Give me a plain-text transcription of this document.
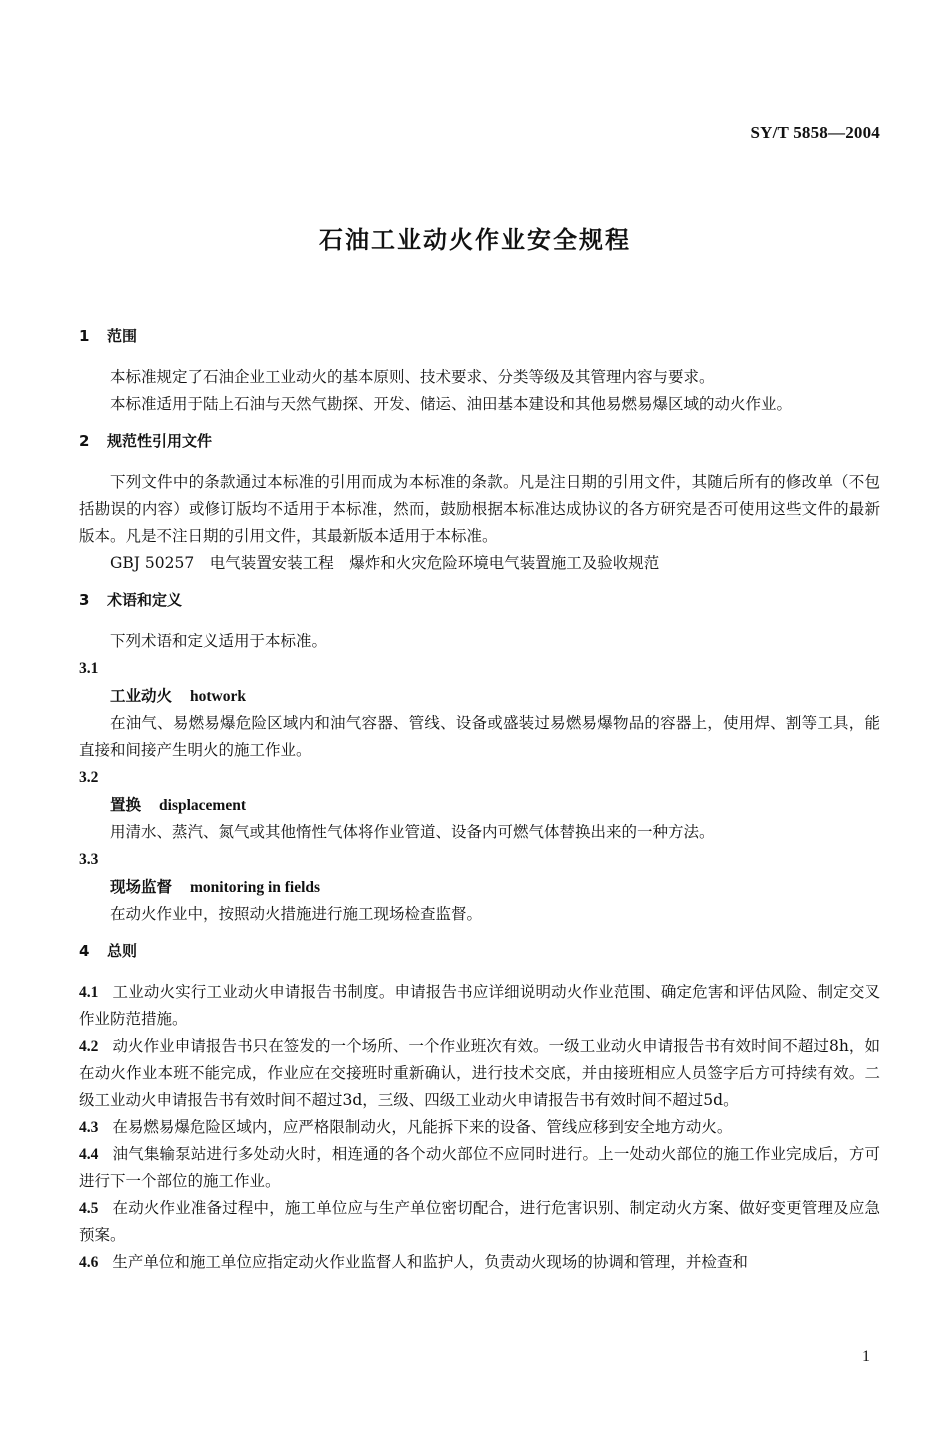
SY/T 5858—2004
石油工业动火作业安全规程
1 范围

本标准规定了石油企业工业动火的基本原则、技术要求、分类等级及其管理内容与要求。

本标准适用于陆上石油与天然气勘探、开发、储运、油田基本建设和其他易燃易爆区域的动火作业。

2 规范性引用文件

下列文件中的条款通过本标准的引用而成为本标准的条款。凡是注日期的引用文件，其随后所有的修改单（不包括勘误的内容）或修订版均不适用于本标准，然而，鼓励根据本标准达成协议的各方研究是否可使用这些文件的最新版本。凡是不注日期的引用文件，其最新版本适用于本标准。

GBJ 50257　电气装置安装工程　爆炸和火灾危险环境电气装置施工及验收规范

3 术语和定义

下列术语和定义适用于本标准。

3.1
工业动火 hotwork

在油气、易燃易爆危险区域内和油气容器、管线、设备或盛装过易燃易爆物品的容器上，使用焊、割等工具，能直接和间接产生明火的施工作业。

3.2
置换 displacement

用清水、蒸汽、氮气或其他惰性气体将作业管道、设备内可燃气体替换出来的一种方法。

3.3
现场监督 monitoring in fields

在动火作业中，按照动火措施进行施工现场检查监督。

4 总则

4.1 工业动火实行工业动火申请报告书制度。申请报告书应详细说明动火作业范围、确定危害和评估风险、制定交叉作业防范措施。

4.2 动火作业申请报告书只在签发的一个场所、一个作业班次有效。一级工业动火申请报告书有效时间不超过8h，如在动火作业本班不能完成，作业应在交接班时重新确认，进行技术交底，并由接班相应人员签字后方可持续有效。二级工业动火申请报告书有效时间不超过3d，三级、四级工业动火申请报告书有效时间不超过5d。

4.3 在易燃易爆危险区域内，应严格限制动火，凡能拆下来的设备、管线应移到安全地方动火。

4.4 油气集输泵站进行多处动火时，相连通的各个动火部位不应同时进行。上一处动火部位的施工作业完成后，方可进行下一个部位的施工作业。

4.5 在动火作业准备过程中，施工单位应与生产单位密切配合，进行危害识别、制定动火方案、做好变更管理及应急预案。

4.6 生产单位和施工单位应指定动火作业监督人和监护人，负责动火现场的协调和管理，并检查和

1
